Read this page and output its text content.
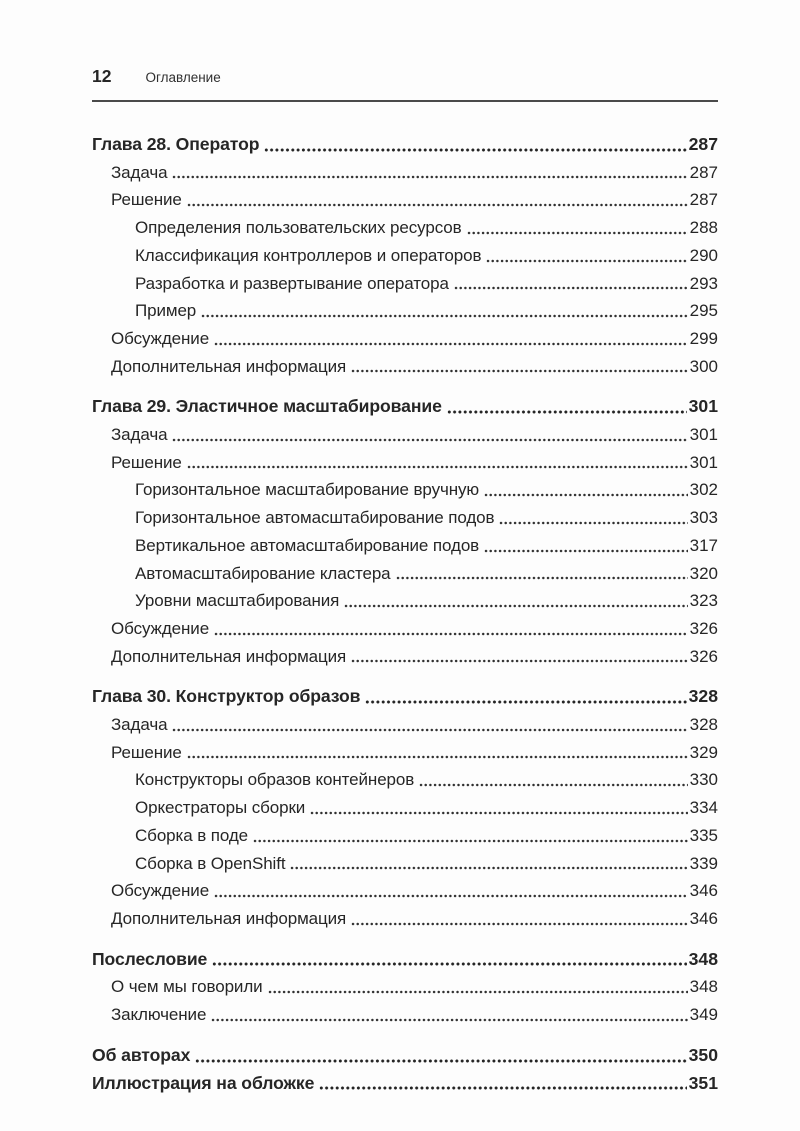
12	Оглавление
Глава 28. Оператор	287
Задача	287
Решение	287
Определения пользовательских ресурсов	288
Классификация контроллеров и операторов	290
Разработка и развертывание оператора	293
Пример	295
Обсуждение	299
Дополнительная информация	300
Глава 29. Эластичное масштабирование	301
Задача	301
Решение	301
Горизонтальное масштабирование вручную	302
Горизонтальное автомасштабирование подов	303
Вертикальное автомасштабирование подов	317
Автомасштабирование кластера	320
Уровни масштабирования	323
Обсуждение	326
Дополнительная информация	326
Глава 30. Конструктор образов	328
Задача	328
Решение	329
Конструкторы образов контейнеров	330
Оркестраторы сборки	334
Сборка в поде	335
Сборка в OpenShift	339
Обсуждение	346
Дополнительная информация	346
Послесловие	348
О чем мы говорили	348
Заключение	349
Об авторах	350
Иллюстрация на обложке	351
